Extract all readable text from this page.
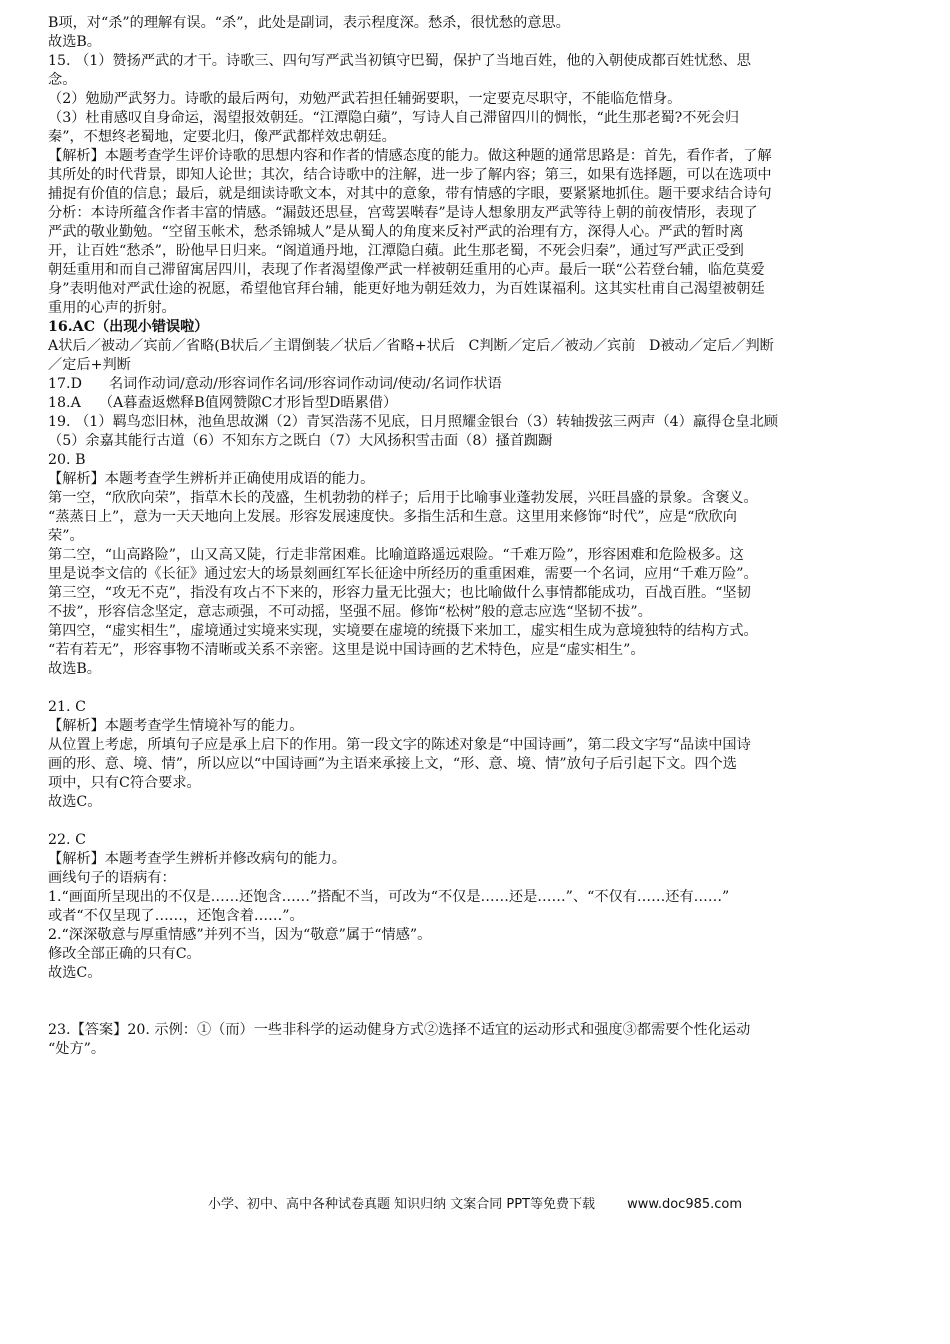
B项，对“杀”的理解有误。“杀”，此处是副词，表示程度深。愁杀，很忧愁的意思。

故选B。

15. （1）赞扬严武的才干。诗歌三、四句写严武当初镇守巴蜀，保护了当地百姓，他的入朝使成都百姓忧愁、思

念。

（2）勉励严武努力。诗歌的最后两句，劝勉严武若担任辅弼要职，一定要克尽职守，不能临危惜身。

（3）杜甫感叹自身命运，渴望报效朝廷。“江潭隐白蘋”，写诗人自己滞留四川的惆怅，“此生那老蜀?不死会归

秦”，不想终老蜀地，定要北归，像严武都样效忠朝廷。

【解析】本题考查学生评价诗歌的思想内容和作者的情感态度的能力。做这种题的通常思路是：首先，看作者，了解

其所处的时代背景，即知人论世；其次，结合诗歌中的注解，进一步了解内容；第三，如果有选择题，可以在选项中

捕捉有价值的信息；最后，就是细读诗歌文本，对其中的意象，带有情感的字眼，要紧紧地抓住。题干要求结合诗句

分析：本诗所蕴含作者丰富的情感。“漏鼓还思昼，宫莺罢啭春”是诗人想象朋友严武等待上朝的前夜情形，表现了

严武的敬业勤勉。“空留玉帐术，愁杀锦城人”是从蜀人的角度来反衬严武的治理有方，深得人心。严武的暂时离

开，让百姓“愁杀”，盼他早日归来。“阁道通丹地，江潭隐白蘋。此生那老蜀，不死会归秦”，通过写严武正受到

朝廷重用和而自己滞留寓居四川，表现了作者渴望像严武一样被朝廷重用的心声。最后一联“公若登台辅，临危莫爱

身”表明他对严武仕途的祝愿，希望他官拜台辅，能更好地为朝廷效力，为百姓谋福利。这其实杜甫自己渴望被朝廷

重用的心声的折射。

16.AC（出现小错误啦）

A状后／被动／宾前／省略(B状后／主谓倒装／状后／省略+状后   C判断／定后／被动／宾前   D被动／定后／判断

／定后+判断

17.D      名词作动词/意动/形容词作名词/形容词作动词/使动/名词作状语

18.A    （A暮盍返燃释B值网赞隙C才形旨型D晤累借）

19. （1）羁鸟恋旧林，池鱼思故渊（2）青冥浩荡不见底，日月照耀金银台（3）转轴拨弦三两声（4）羸得仓皇北顾

（5）余嘉其能行古道（6）不知东方之既白（7）大风扬积雪击面（8）搔首踟蹰

20. B

【解析】本题考查学生辨析并正确使用成语的能力。

第一空，“欣欣向荣”，指草木长的茂盛，生机勃勃的样子；后用于比喻事业蓬勃发展，兴旺昌盛的景象。含褒义。

“蒸蒸日上”，意为一天天地向上发展。形容发展速度快。多指生活和生意。这里用来修饰“时代”，应是“欣欣向

荣”。

第二空，“山高路险”，山又高又陡，行走非常困难。比喻道路遥远艰险。“千难万险”，形容困难和危险极多。这

里是说李文信的《长征》通过宏大的场景刻画红军长征途中所经历的重重困难，需要一个名词，应用“千难万险”。

第三空，“攻无不克”，指没有攻占不下来的，形容力量无比强大；也比喻做什么事情都能成功，百战百胜。“坚韧

不拔”，形容信念坚定，意志顽强，不可动摇，坚强不屈。修饰“松树”般的意志应选“坚韧不拔”。

第四空，“虚实相生”，虚境通过实境来实现，实境要在虚境的统摄下来加工，虚实相生成为意境独特的结构方式。

“若有若无”，形容事物不清晰或关系不亲密。这里是说中国诗画的艺术特色，应是“虚实相生”。

故选B。

21. C

【解析】本题考查学生情境补写的能力。

从位置上考虑，所填句子应是承上启下的作用。第一段文字的陈述对象是“中国诗画”，第二段文字写“品读中国诗

画的形、意、境、情”，所以应以“中国诗画”为主语来承接上文，“形、意、境、情”放句子后引起下文。四个选

项中，只有C符合要求。

故选C。

22. C

【解析】本题考查学生辨析并修改病句的能力。

画线句子的语病有：

1.“画面所呈现出的不仅是……还饱含……”搭配不当，可改为“不仅是……还是……”、“不仅有……还有……”

或者“不仅呈现了……，还饱含着……”。

2.“深深敬意与厚重情感”并列不当，因为“敬意”属于“情感”。

修改全部正确的只有C。

故选C。

23.【答案】20. 示例：①（而）一些非科学的运动健身方式②选择不适宜的运动形式和强度③都需要个性化运动

“处方”。

小学、初中、高中各种试卷真题 知识归纳 文案合同 PPT等免费下载 www.doc985.com
